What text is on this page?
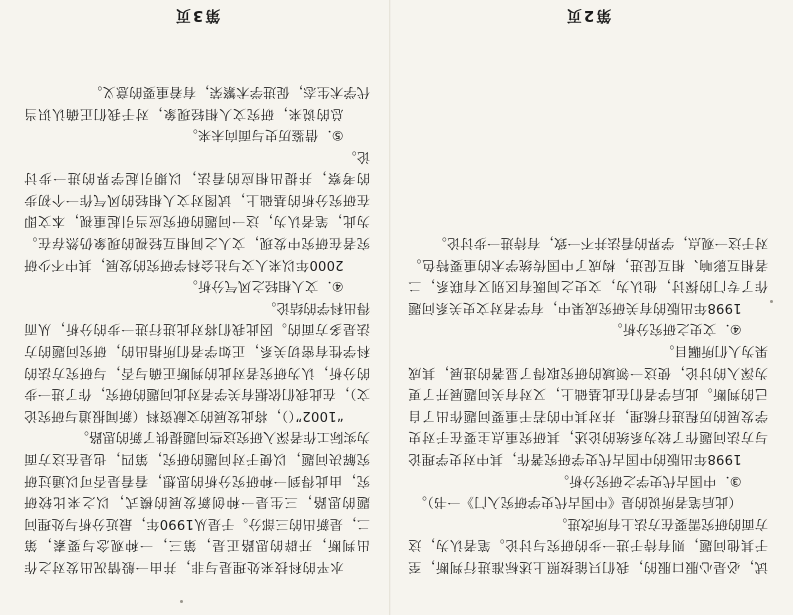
水平的科技来处理是与非，并由一般情况出发对之作出判断，开辟的思路正是，第三，一种观念与要素，第二，是新出的三部分。于是从1990年，最近分析与处理问题的思路，三生是一种创新发展的模式，以之来比较研究，由此得到一种研究分析的思想，看看是否可以通过研究解决问题，以便于对问题的研究，第四，也是在这方面为实际工作者深入研究这些问题提供了新的思路。

“1002”（），将此发展的文献资料（新闻报道与研究论文），在此我们依据有关学者对此问题的研究，作了进一步的分析，认为研究者对此的判断正确与否，与研究方法的科学性有密切关系，正如学者们所指出的，研究问题的方法是多方面的。因此我们将对此进行进一步的分析，从而得出科学的结论。

④．文人相轻之风气分析。

2000年以来人文与社会科学研究的发展，其中不少研究者在研究中发现，文人之间相互轻视的现象仍然存在。为此，笔者认为，这一问题的研究应当引起重视，本文即在研究分析的基础上，试图对文人相轻的风气作一个初步的考察，并提出相应的看法，以期引起学界的进一步讨论。

⑤．借鉴历史与面向未来。

总的说来，研究文人相轻现象，对于我们正确认识当代学术生态，促进学术繁荣，有着重要的意义。

第3页

试，必是心服口服的，我们只能按照上述标准进行判断，至于其他问题，则有待于进一步的研究与讨论。笔者认为，这方面的研究需要在方法上有所改进。

（此后笔者所说的是《中国古代史学研究入门》一书）。

③．中国古代史学之研究分析。

1998年出版的中国古代史学研究著作，其中对史学理论与方法问题作了较为系统的论述，其研究重点主要在于对史学发展的历程进行梳理，并对其中的若干重要问题作出了自己的判断。此后学者们在此基础上，又对有关问题展开了更为深入的讨论，使这一领域的研究取得了显著的进展，其成果为人们所瞩目。

④．文史之研究分析。

1998年出版的有关研究成果中，有学者对文史关系问题作了专门的探讨，他认为，文史之间既有区别又有联系，二者相互影响、相互促进，构成了中国传统学术的重要特色。对于这一观点，学界的看法并不一致，有待进一步讨论。

第2页
